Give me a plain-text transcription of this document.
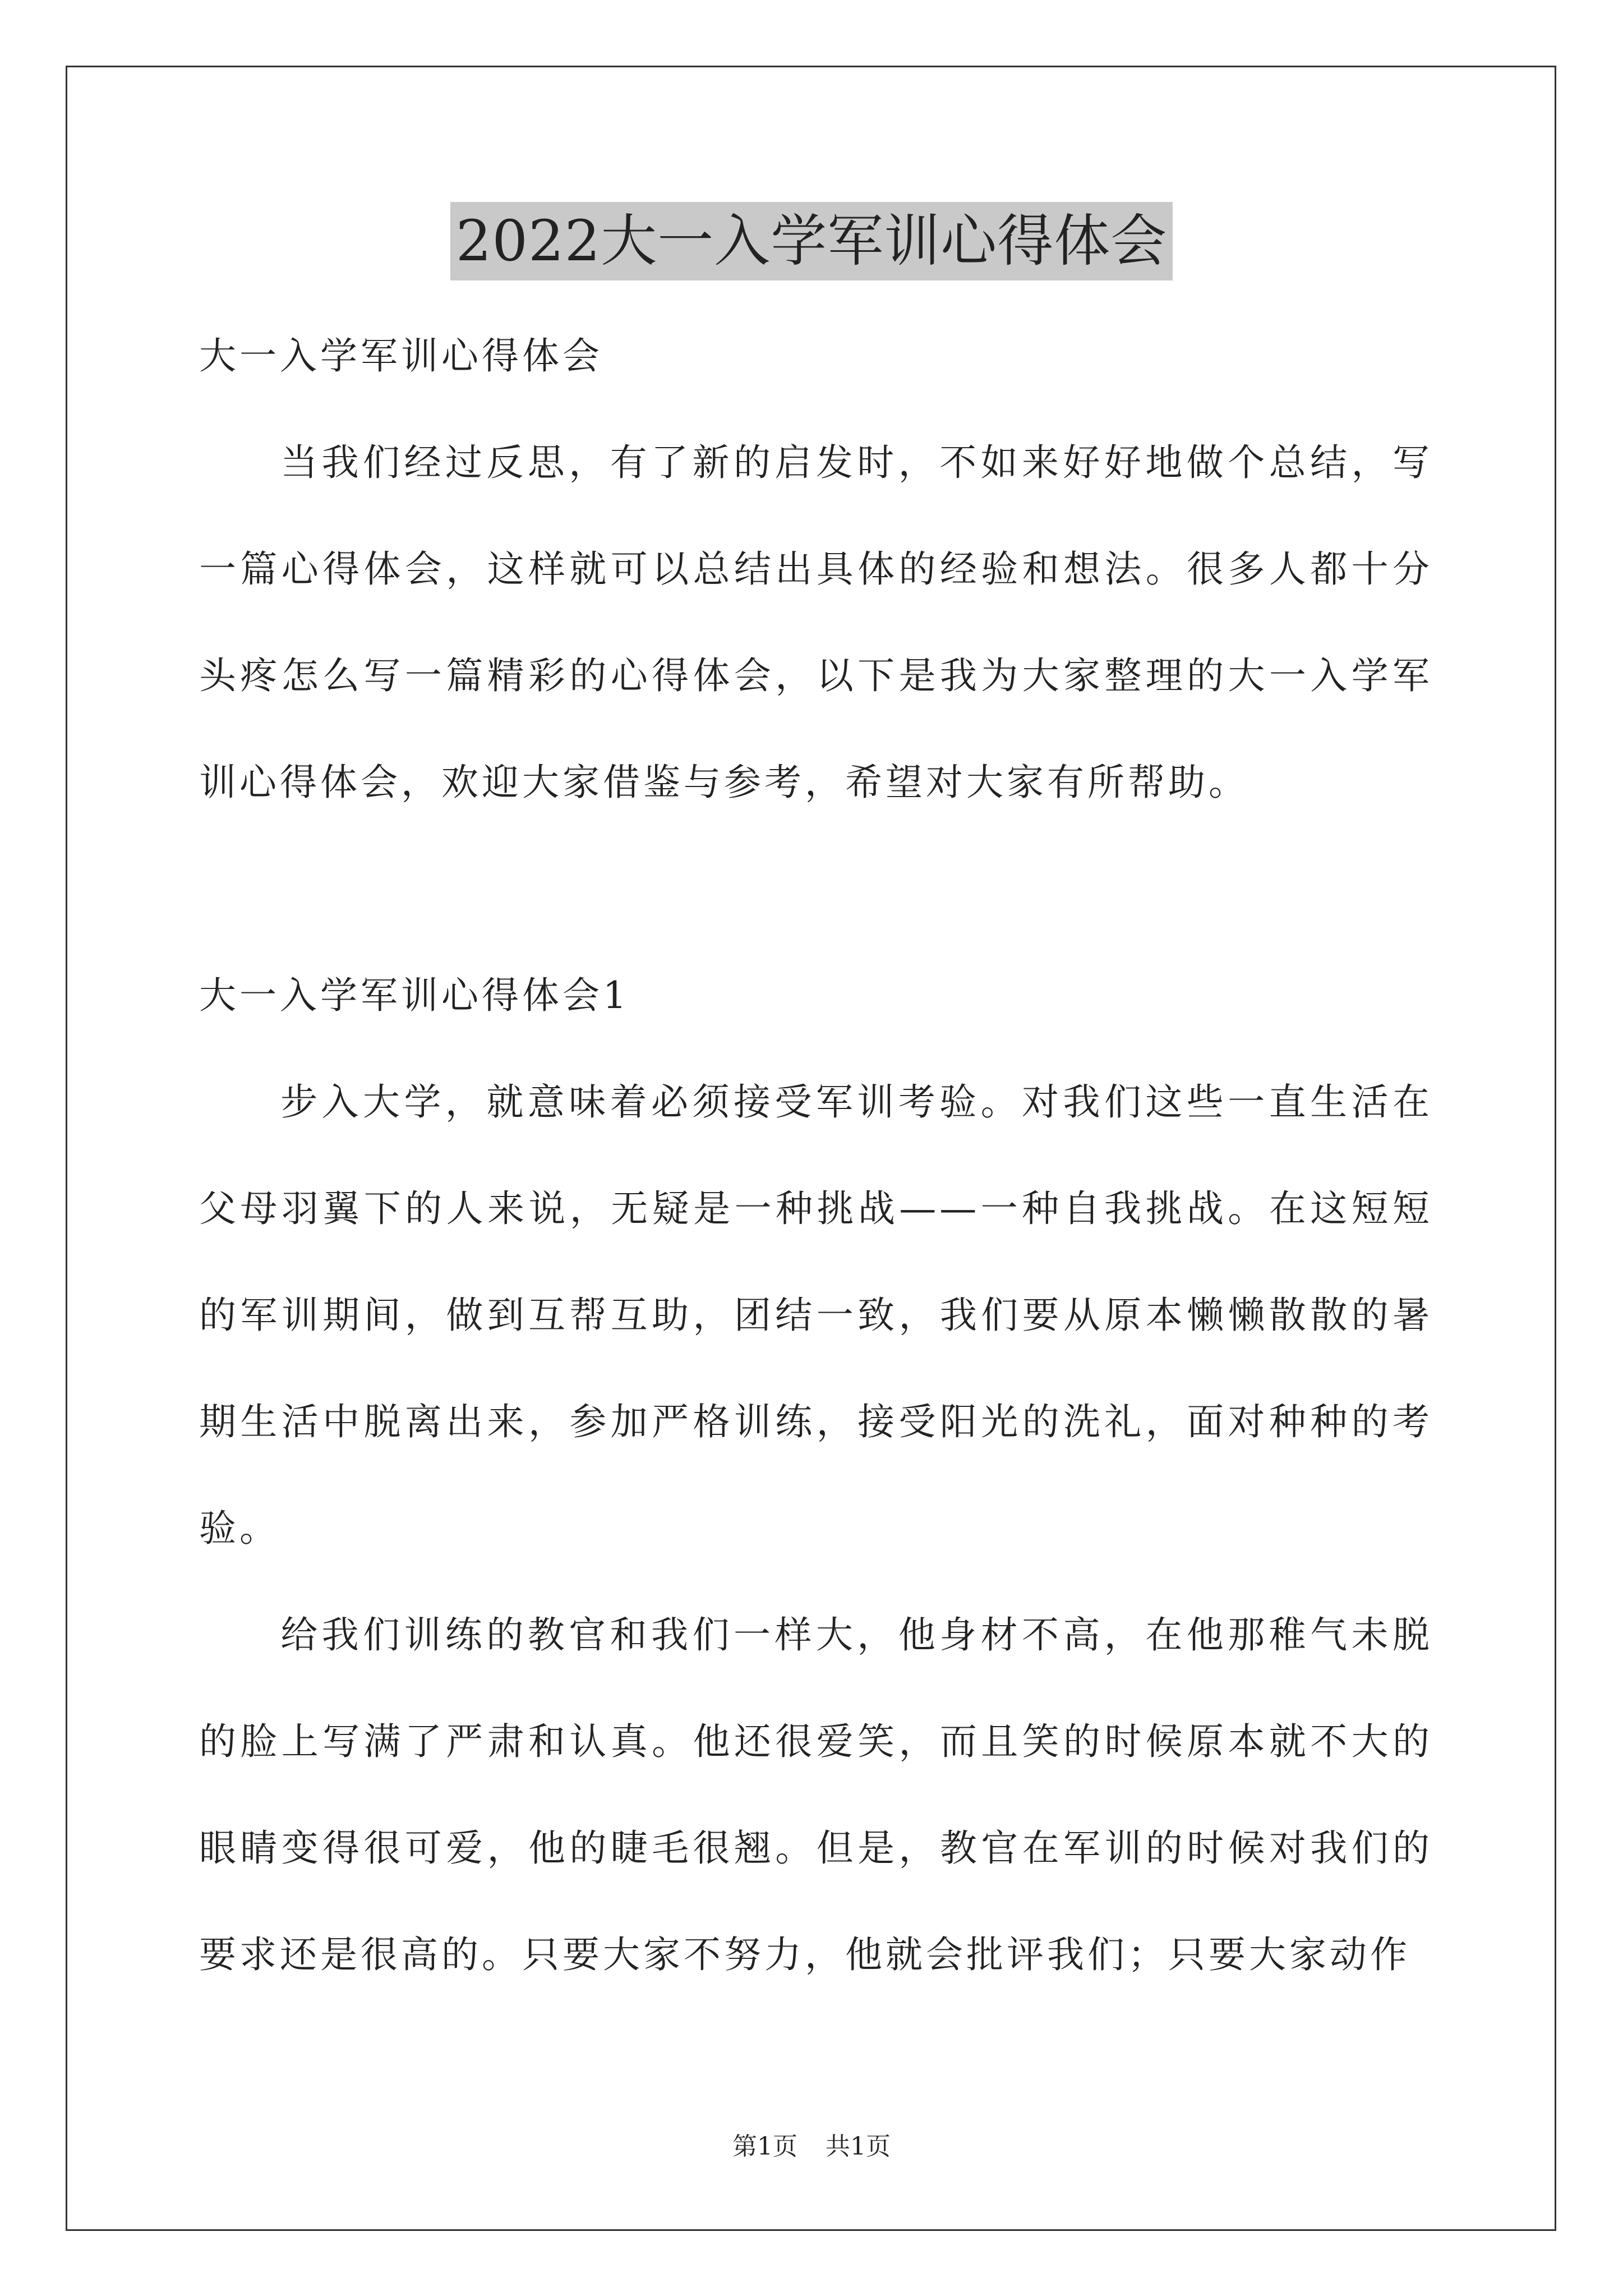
2022大一入学军训心得体会

大一入学军训心得体会

当我们经过反思，有了新的启发时，不如来好好地做个总结，写一篇心得体会，这样就可以总结出具体的经验和想法。很多人都十分头疼怎么写一篇精彩的心得体会，以下是我为大家整理的大一入学军训心得体会，欢迎大家借鉴与参考，希望对大家有所帮助。

大一入学军训心得体会1

步入大学，就意味着必须接受军训考验。对我们这些一直生活在父母羽翼下的人来说，无疑是一种挑战——一种自我挑战。在这短短的军训期间，做到互帮互助，团结一致，我们要从原本懒懒散散的暑期生活中脱离出来，参加严格训练，接受阳光的洗礼，面对种种的考验。

给我们训练的教官和我们一样大，他身材不高，在他那稚气未脱的脸上写满了严肃和认真。他还很爱笑，而且笑的时候原本就不大的眼睛变得很可爱，他的睫毛很翘。但是，教官在军训的时候对我们的要求还是很高的。只要大家不努力，他就会批评我们；只要大家动作

第1页 共1页
